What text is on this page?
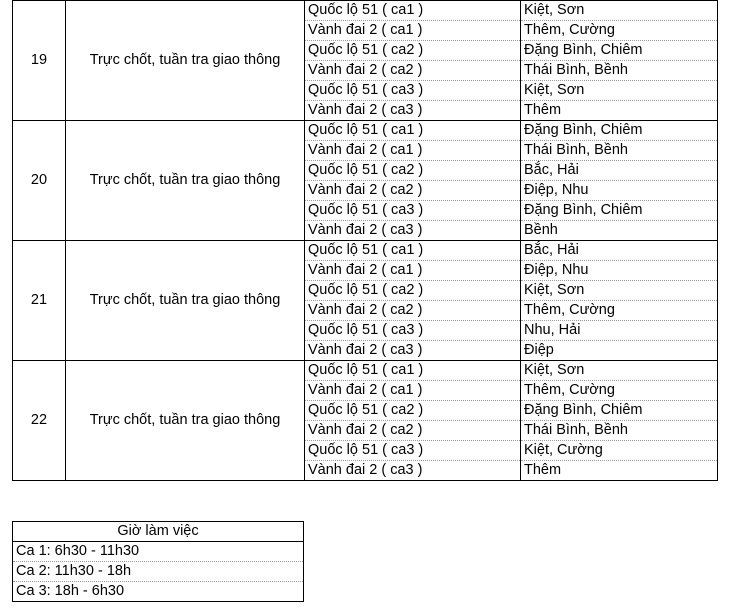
19	Trực chốt, tuần tra giao thông	Quốc lộ 51 ( ca1 )	Kiệt, Sơn
		Vành đai 2 ( ca1 )	Thêm, Cường
		Quốc lộ 51 ( ca2 )	Đặng Bình, Chiêm
		Vành đai 2 ( ca2 )	Thái Bình, Bềnh
		Quốc lộ 51 ( ca3 )	Kiệt, Sơn
		Vành đai 2 ( ca3 )	Thêm
20	Trực chốt, tuần tra giao thông	Quốc lộ 51 ( ca1 )	Đặng Bình, Chiêm
		Vành đai 2 ( ca1 )	Thái Bình, Bềnh
		Quốc lộ 51 ( ca2 )	Bắc, Hải
		Vành đai 2 ( ca2 )	Điệp, Nhu
		Quốc lộ 51 ( ca3 )	Đặng Bình, Chiêm
		Vành đai 2 ( ca3 )	Bềnh
21	Trực chốt, tuần tra giao thông	Quốc lộ 51 ( ca1 )	Bắc, Hải
		Vành đai 2 ( ca1 )	Điệp, Nhu
		Quốc lộ 51 ( ca2 )	Kiệt, Sơn
		Vành đai 2 ( ca2 )	Thêm, Cường
		Quốc lộ 51 ( ca3 )	Nhu, Hải
		Vành đai 2 ( ca3 )	Điệp
22	Trực chốt, tuần tra giao thông	Quốc lộ 51 ( ca1 )	Kiệt, Sơn
		Vành đai 2 ( ca1 )	Thêm, Cường
		Quốc lộ 51 ( ca2 )	Đặng Bình, Chiêm
		Vành đai 2 ( ca2 )	Thái Bình, Bềnh
		Quốc lộ 51 ( ca3 )	Kiệt, Cường
		Vành đai 2 ( ca3 )	Thêm
Giờ làm việc
Ca 1: 6h30 - 11h30
Ca 2: 11h30 - 18h
Ca 3: 18h - 6h30
